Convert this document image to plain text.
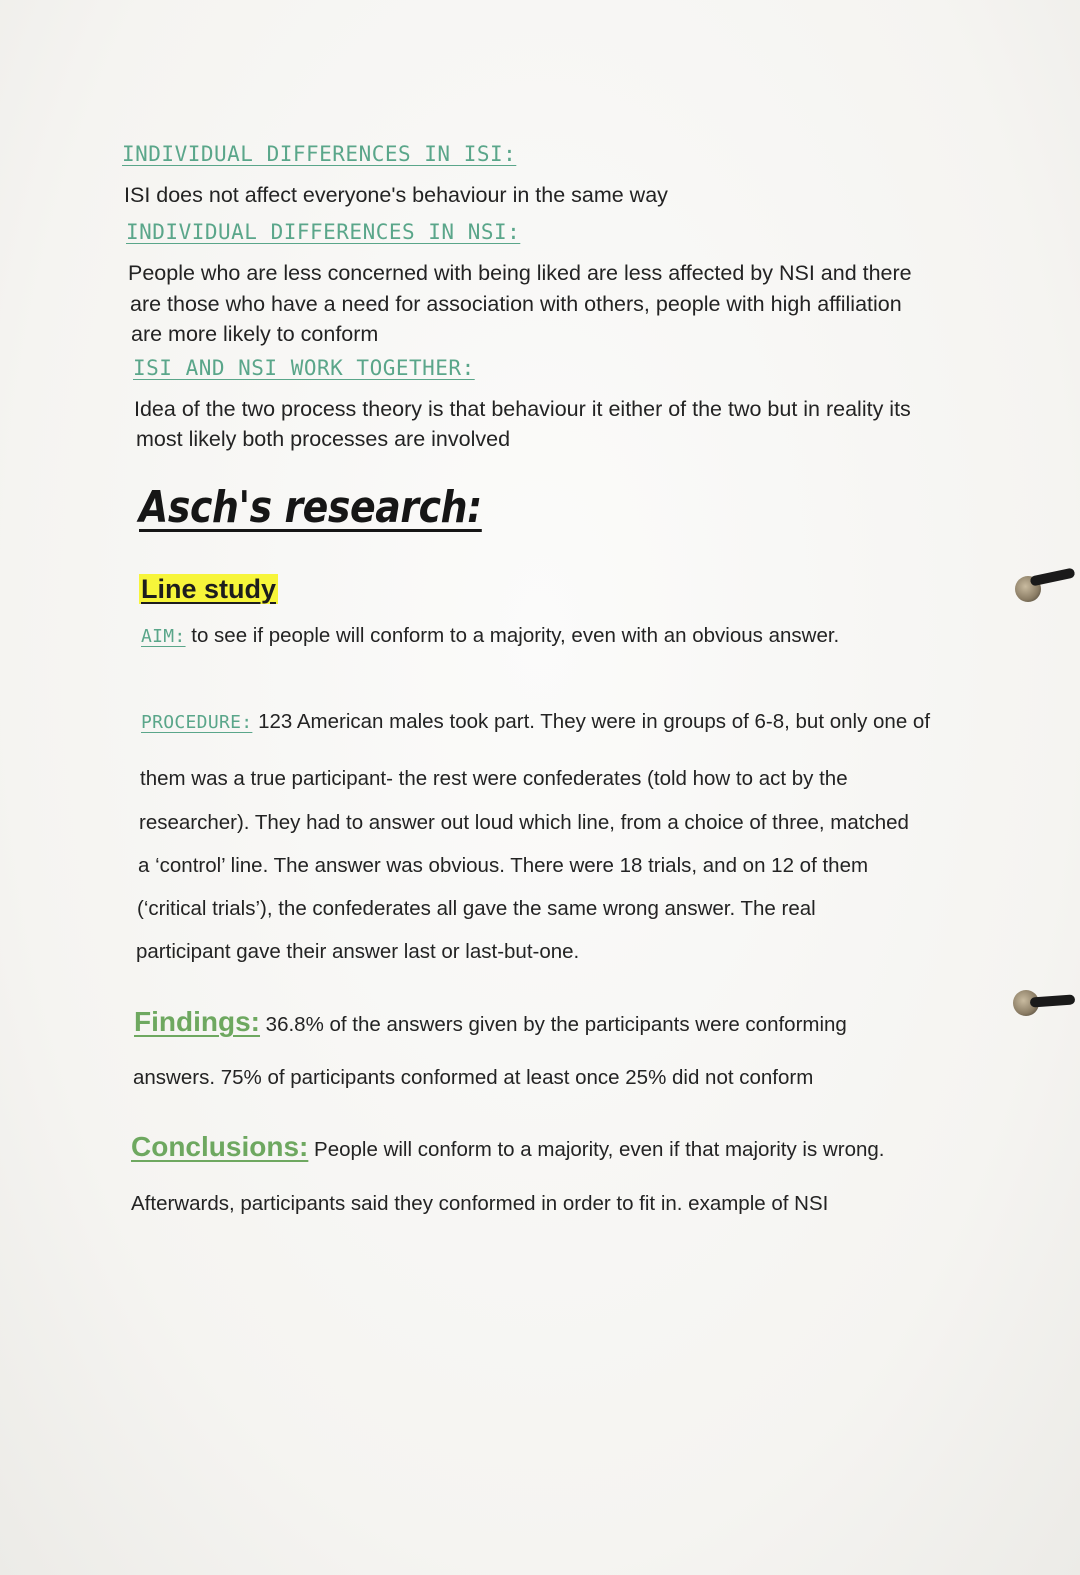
INDIVIDUAL DIFFERENCES IN ISI:
ISI does not affect everyone's behaviour in the same way
INDIVIDUAL DIFFERENCES IN NSI:
People who are less concerned with being liked are less affected by NSI and there
are those who have a need for association with others, people with high affiliation
are more likely to conform
ISI AND NSI WORK TOGETHER:
Idea of the two process theory is that behaviour it either of the two but in reality its
most likely both processes are involved
Asch's research:
Line study
AIM: to see if people will conform to a majority, even with an obvious answer.
PROCEDURE: 123 American males took part. They were in groups of 6-8, but only one of
them was a true participant- the rest were confederates (told how to act by the
researcher). They had to answer out loud which line, from a choice of three, matched
a ‘control’ line. The answer was obvious. There were 18 trials, and on 12 of them
(‘critical trials’), the confederates all gave the same wrong answer. The real
participant gave their answer last or last-but-one.
Findings: 36.8% of the answers given by the participants were conforming
answers. 75% of participants conformed at least once 25% did not conform
Conclusions: People will conform to a majority, even if that majority is wrong.
Afterwards, participants said they conformed in order to fit in. example of NSI
